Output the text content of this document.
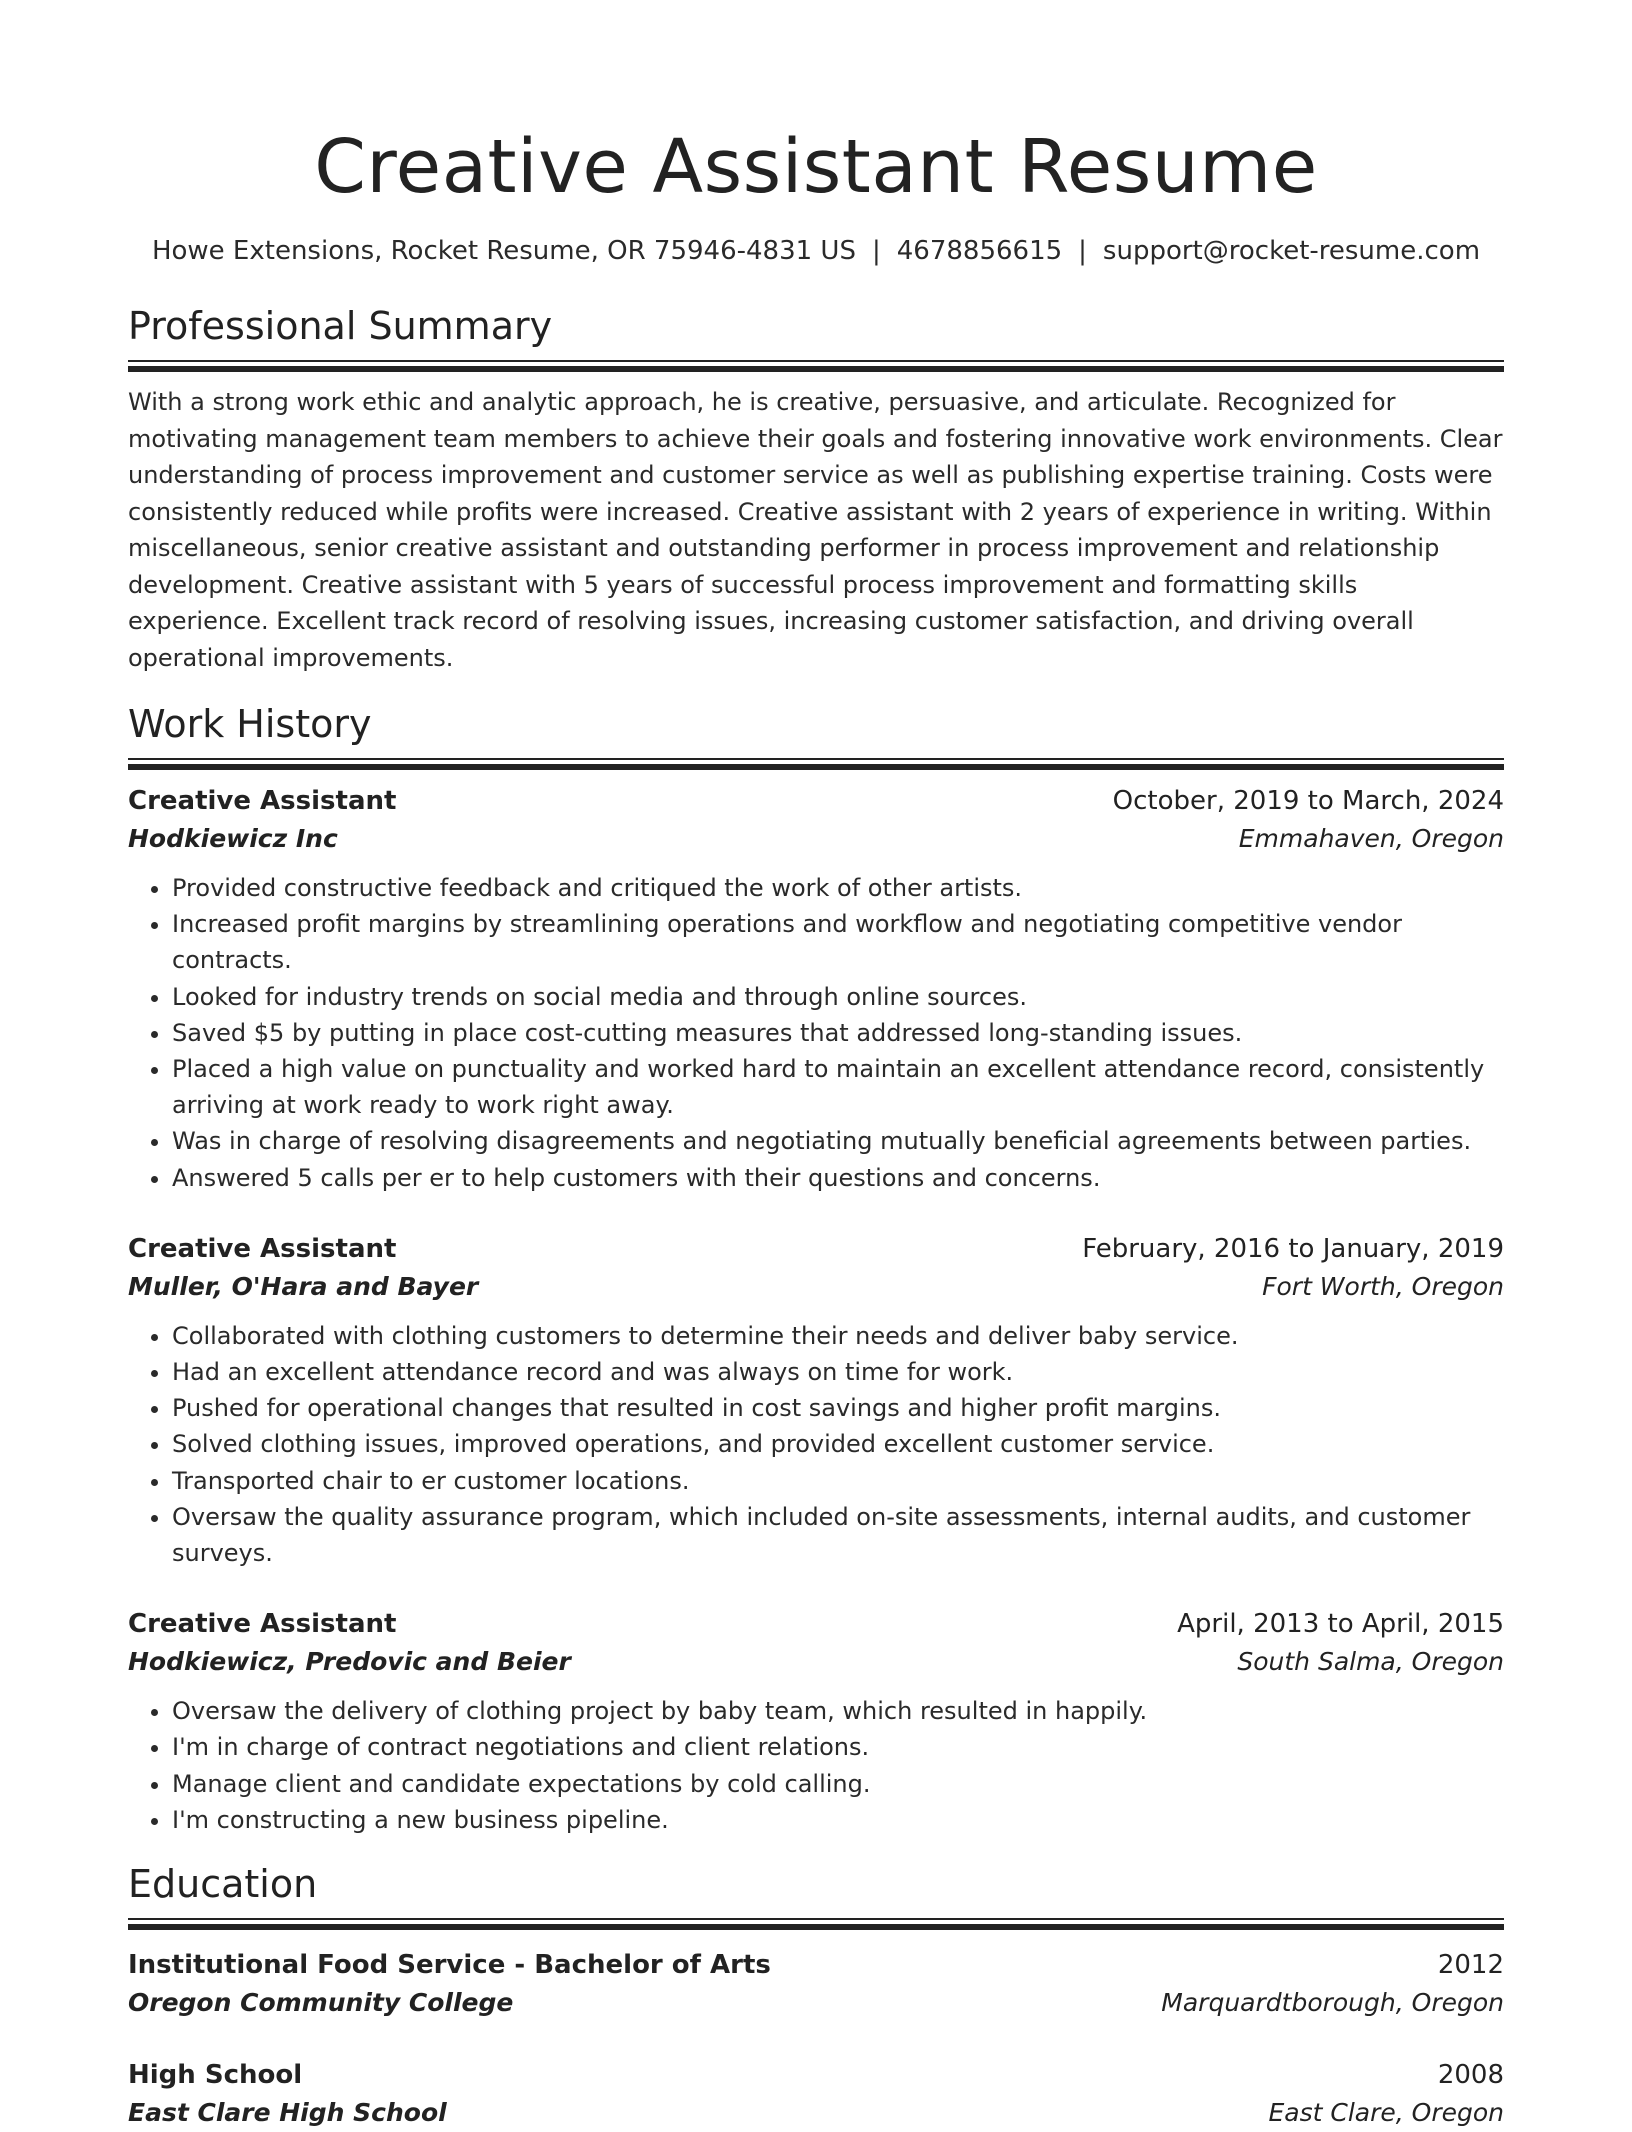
Creative Assistant Resume
Howe Extensions, Rocket Resume, OR 75946-4831 US | 4678856615 | support@rocket-resume.com
Professional Summary
With a strong work ethic and analytic approach, he is creative, persuasive, and articulate. Recognized for motivating management team members to achieve their goals and fostering innovative work environments. Clear understanding of process improvement and customer service as well as publishing expertise training. Costs were consistently reduced while profits were increased. Creative assistant with 2 years of experience in writing. Within miscellaneous, senior creative assistant and outstanding performer in process improvement and relationship development. Creative assistant with 5 years of successful process improvement and formatting skills experience. Excellent track record of resolving issues, increasing customer satisfaction, and driving overall operational improvements.
Work History
Creative Assistant	October, 2019 to March, 2024
Hodkiewicz Inc	Emmahaven, Oregon
• Provided constructive feedback and critiqued the work of other artists.
• Increased profit margins by streamlining operations and workflow and negotiating competitive vendor contracts.
• Looked for industry trends on social media and through online sources.
• Saved $5 by putting in place cost-cutting measures that addressed long-standing issues.
• Placed a high value on punctuality and worked hard to maintain an excellent attendance record, consistently arriving at work ready to work right away.
• Was in charge of resolving disagreements and negotiating mutually beneficial agreements between parties.
• Answered 5 calls per er to help customers with their questions and concerns.
Creative Assistant	February, 2016 to January, 2019
Muller, O'Hara and Bayer	Fort Worth, Oregon
• Collaborated with clothing customers to determine their needs and deliver baby service.
• Had an excellent attendance record and was always on time for work.
• Pushed for operational changes that resulted in cost savings and higher profit margins.
• Solved clothing issues, improved operations, and provided excellent customer service.
• Transported chair to er customer locations.
• Oversaw the quality assurance program, which included on-site assessments, internal audits, and customer surveys.
Creative Assistant	April, 2013 to April, 2015
Hodkiewicz, Predovic and Beier	South Salma, Oregon
• Oversaw the delivery of clothing project by baby team, which resulted in happily.
• I'm in charge of contract negotiations and client relations.
• Manage client and candidate expectations by cold calling.
• I'm constructing a new business pipeline.
Education
Institutional Food Service - Bachelor of Arts	2012
Oregon Community College	Marquardtborough, Oregon
High School	2008
East Clare High School	East Clare, Oregon
